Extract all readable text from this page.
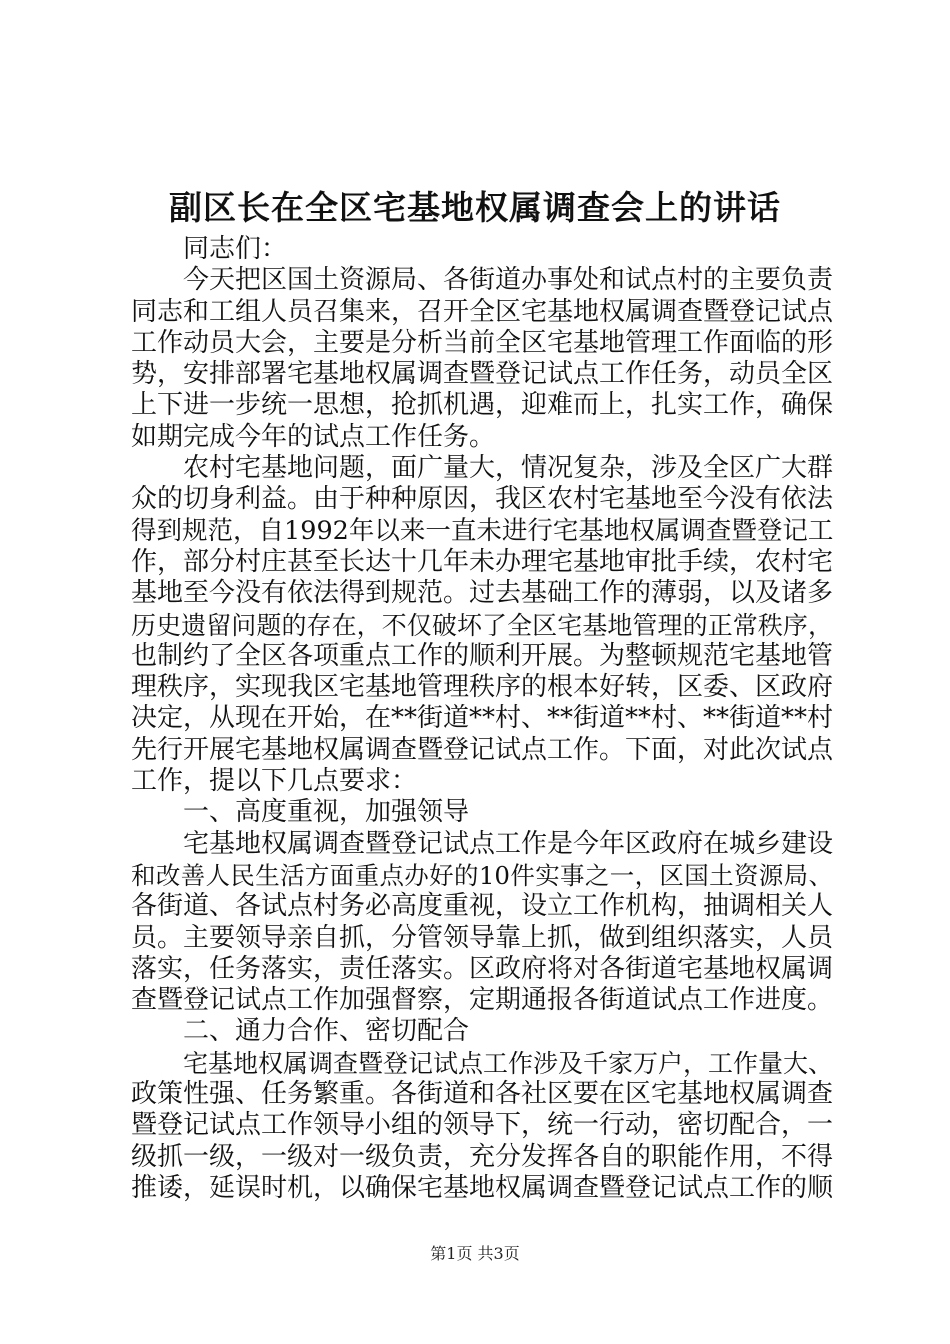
副区长在全区宅基地权属调查会上的讲话
同志们：
今天把区国土资源局、各街道办事处和试点村的主要负责
同志和工组人员召集来，召开全区宅基地权属调查暨登记试点
工作动员大会，主要是分析当前全区宅基地管理工作面临的形
势，安排部署宅基地权属调查暨登记试点工作任务，动员全区
上下进一步统一思想，抢抓机遇，迎难而上，扎实工作，确保
如期完成今年的试点工作任务。
农村宅基地问题，面广量大，情况复杂，涉及全区广大群
众的切身利益。由于种种原因，我区农村宅基地至今没有依法
得到规范，自1992年以来一直未进行宅基地权属调查暨登记工
作，部分村庄甚至长达十几年未办理宅基地审批手续，农村宅
基地至今没有依法得到规范。过去基础工作的薄弱，以及诸多
历史遗留问题的存在，不仅破坏了全区宅基地管理的正常秩序，
也制约了全区各项重点工作的顺利开展。为整顿规范宅基地管
理秩序，实现我区宅基地管理秩序的根本好转，区委、区政府
决定，从现在开始，在**街道**村、**街道**村、**街道**村
先行开展宅基地权属调查暨登记试点工作。下面，对此次试点
工作，提以下几点要求：
一、高度重视，加强领导
宅基地权属调查暨登记试点工作是今年区政府在城乡建设
和改善人民生活方面重点办好的10件实事之一，区国土资源局、
各街道、各试点村务必高度重视，设立工作机构，抽调相关人
员。主要领导亲自抓，分管领导靠上抓，做到组织落实，人员
落实，任务落实，责任落实。区政府将对各街道宅基地权属调
查暨登记试点工作加强督察，定期通报各街道试点工作进度。
二、通力合作、密切配合
宅基地权属调查暨登记试点工作涉及千家万户，工作量大、
政策性强、任务繁重。各街道和各社区要在区宅基地权属调查
暨登记试点工作领导小组的领导下，统一行动，密切配合，一
级抓一级，一级对一级负责，充分发挥各自的职能作用，不得
推诿，延误时机，以确保宅基地权属调查暨登记试点工作的顺
第1页 共3页
